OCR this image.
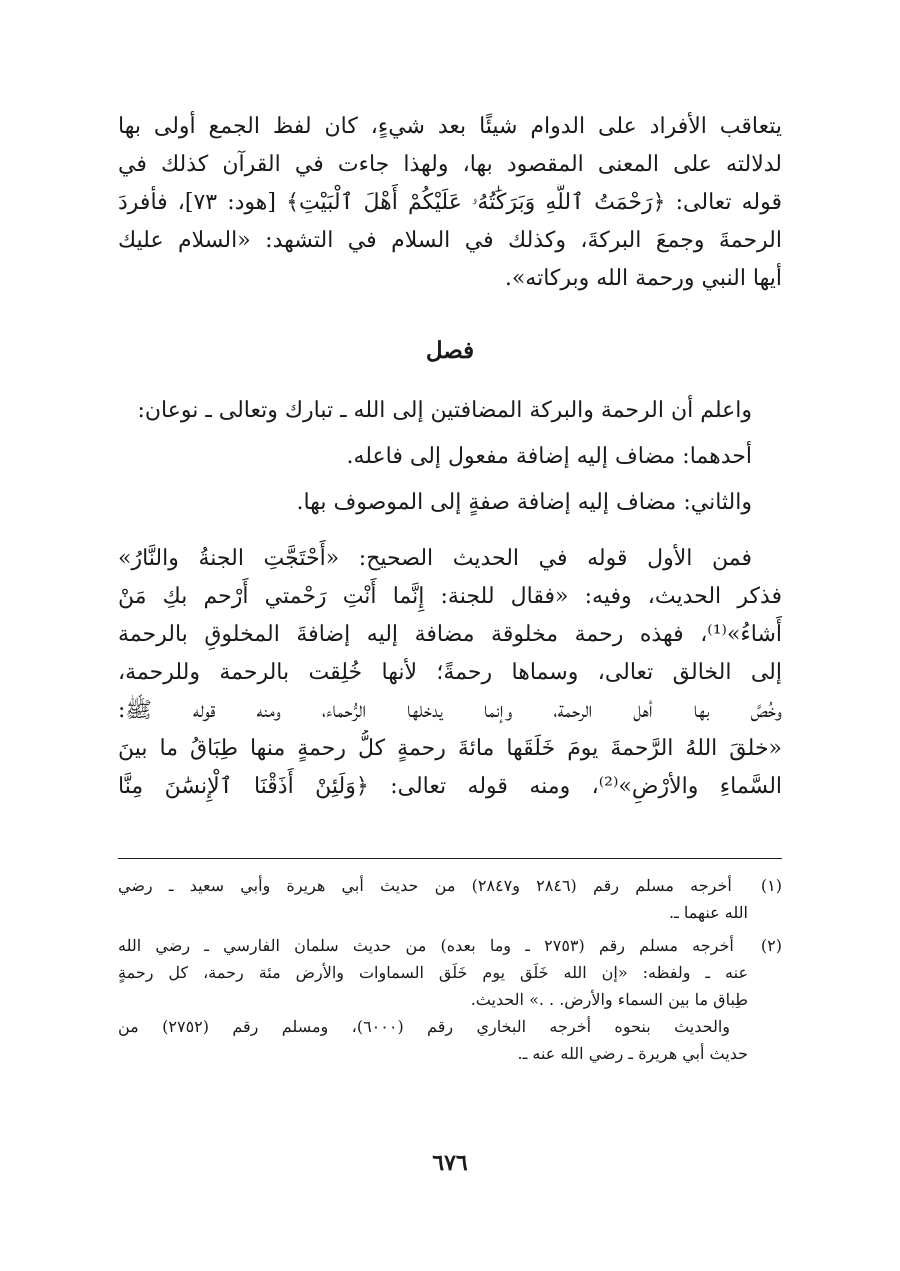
يتعاقب الأفراد على الدوام شيئًا بعد شيءٍ، كان لفظ الجمع أولى بها
لدلالته على المعنى المقصود بها، ولهذا جاءت في القرآن كذلك في
قوله تعالى: ﴿رَحْمَتُ ٱللَّهِ وَبَرَكَٰتُهُۥ عَلَيْكُمْ أَهْلَ ٱلْبَيْتِ﴾ [هود: ٧٣]، فأفردَ
الرحمةَ وجمعَ البركةَ، وكذلك في السلام في التشهد: «السلام عليك
أيها النبي ورحمة الله وبركاته».
فصل
واعلم أن الرحمة والبركة المضافتين إلى الله ـ تبارك وتعالى ـ نوعان:
أحدهما: مضاف إليه إضافة مفعول إلى فاعله.
والثاني: مضاف إليه إضافة صفةٍ إلى الموصوف بها.
فمن الأول قوله في الحديث الصحيح: «أَحْتَجَّتِ الجنةُ والنَّارُ»
فذكر الحديث، وفيه: «فقال للجنة: إِنَّما أَنْتِ رَحْمتي أَرْحم بكِ مَنْ
أَشاءُ»⁽¹⁾، فهذه رحمة مخلوقة مضافة إليه إضافةَ المخلوقِ بالرحمة
إلى الخالق تعالى، وسماها رحمةً؛ لأنها خُلِقت بالرحمة وللرحمة،
وخُصَّ بها أهل الرحمة، وإنما يدخلها الرُّحماء، ومنه قوله ﷺ:
«خلقَ اللهُ الرَّحمةَ يومَ خَلَقَها مائةَ رحمةٍ كلُّ رحمةٍ منها طِبَاقُ ما بينَ
السَّماءِ والأرْضِ»⁽²⁾، ومنه قوله تعالى: ﴿وَلَئِنْ أَذَقْنَا ٱلْإِنسَٰنَ مِنَّا
(١) أخرجه مسلم رقم (٢٨٤٦ و٢٨٤٧) من حديث أبي هريرة وأبي سعيد ـ رضي
الله عنهما ـ.
(٢) أخرجه مسلم رقم (٢٧٥٣ ـ وما بعده) من حديث سلمان الفارسي ـ رضي الله
عنه ـ ولفظه: «إن الله خَلَق يوم خَلَق السماوات والأرض مئة رحمة، كل رحمةٍ
طِباق ما بين السماء والأرض. . .» الحديث.
والحديث بنحوه أخرجه البخاري رقم (٦٠٠٠)، ومسلم رقم (٢٧٥٢) من
حديث أبي هريرة ـ رضي الله عنه ـ.
٦٧٦
